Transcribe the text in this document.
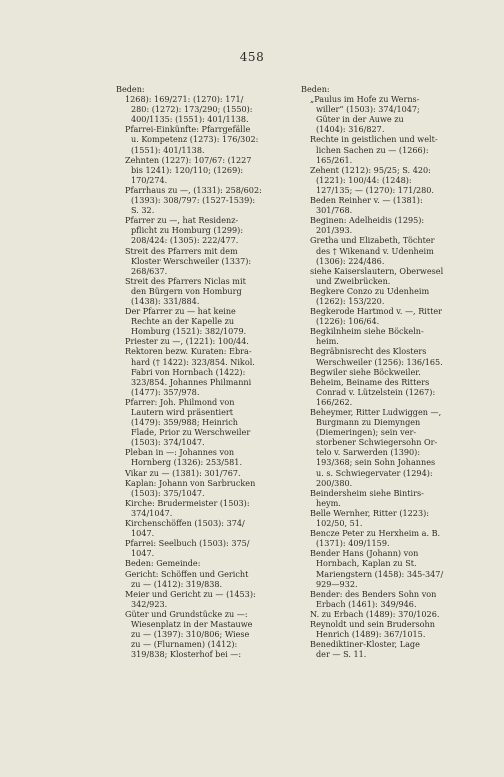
458
Beden:
1268): 169/271: (1270): 171/
280: (1272): 173/290; (1550):
400/1135: (1551): 401/1138.
Pfarrei-Einkünfte: Pfarrgefälle
u. Kompetenz (1273): 176/302:
(1551): 401/1138.
Zehnten (1227): 107/67: (1227
bis 1241): 120/110; (1269):
170/274.
Pfarrhaus zu —, (1331): 258/602:
(1393): 308/797: (1527-1539):
S. 32.
Pfarrer zu —, hat Residenz-
pflicht zu Homburg (1299):
208/424: (1305): 222/477.
Streit des Pfarrers mit dem
Kloster Werschweiler (1337):
268/637.
Streit des Pfarrers Niclas mit
den Bürgern von Homburg
(1438): 331/884.
Der Pfarrer zu — hat keine
Rechte an der Kapelle zu
Homburg (1521): 382/1079.
Priester zu —, (1221): 100/44.
Rektoren bezw. Kuraten: Ebra-
hard († 1422): 323/854. Nikol.
Fabri von Hornbach (1422):
323/854. Johannes Philmanni
(1477): 357/978.
Pfarrer: Joh. Philmond von
Lautern wird präsentiert
(1479): 359/988; Heinrich
Flade, Prior zu Werschweiler
(1503): 374/1047.
Pleban in —: Johannes von
Hornberg (1326): 253/581.
Vikar zu — (1381): 301/767.
Kaplan: Johann von Sarbrucken
(1503): 375/1047.
Kirche: Brudermeister (1503):
374/1047.
Kirchenschöffen (1503): 374/
1047.
Pfarrei: Seelbuch (1503): 375/
1047.
Beden: Gemeinde:
Gericht: Schöffen und Gericht
zu — (1412): 319/838.
Meier und Gericht zu — (1453):
342/923.
Güter und Grundstücke zu —:
Wiesenplatz in der Mastauwe
zu — (1397): 310/806; Wiese
zu — (Flurnamen) (1412):
319/838; Klosterhof bei —:
Beden:
„Paulus im Hofe zu Werns-
willer“ (1503): 374/1047;
Güter in der Auwe zu
(1404): 316/827.
Rechte in geistlichen und welt-
lichen Sachen zu — (1266):
165/261.
Zehent (1212): 95/25; S. 420:
(1221): 100/44: (1248):
127/135; — (1270): 171/280.
Beden Reinher v. — (1381):
301/768.
Beginen: Adelheidis (1295):
201/393.
Gretha und Elizabeth, Töchter
des † Wikenand v. Udenheim
(1306): 224/486.
siehe Kaiserslautern, Oberwesel
und Zweibrücken.
Begkere Conzo zu Udenheim
(1262): 153/220.
Begkerode Hartmod v. —, Ritter
(1226): 106/64.
Begkilnheim siehe Böckeln-
heim.
Begräbnisrecht des Klosters
Werschweiler (1256): 136/165.
Begwiler siehe Böckweiler.
Beheim, Beiname des Ritters
Conrad v. Lützelstein (1267):
166/262.
Beheymer, Ritter Ludwiggen —,
Burgmann zu Diemyngen
(Diemeringen); sein ver-
storbener Schwiegersohn Or-
telo v. Sarwerden (1390):
193/368; sein Sohn Johannes
u. s. Schwiegervater (1294):
200/380.
Beindersheim siehe Bintirs-
heym.
Belle Wernher, Ritter (1223):
102/50, 51.
Bencze Peter zu Herxheim a. B.
(1371): 409/1159.
Bender Hans (Johann) von
Hornbach, Kaplan zu St.
Mariengstern (1458): 345-347/
929—932.
Bender: des Benders Sohn von
Erbach (1461): 349/946.
N. zu Erbach (1489): 370/1026.
Reynoldt und sein Brudersohn
Henrich (1489): 367/1015.
Benediktiner-Kloster, Lage
der — S. 11.
